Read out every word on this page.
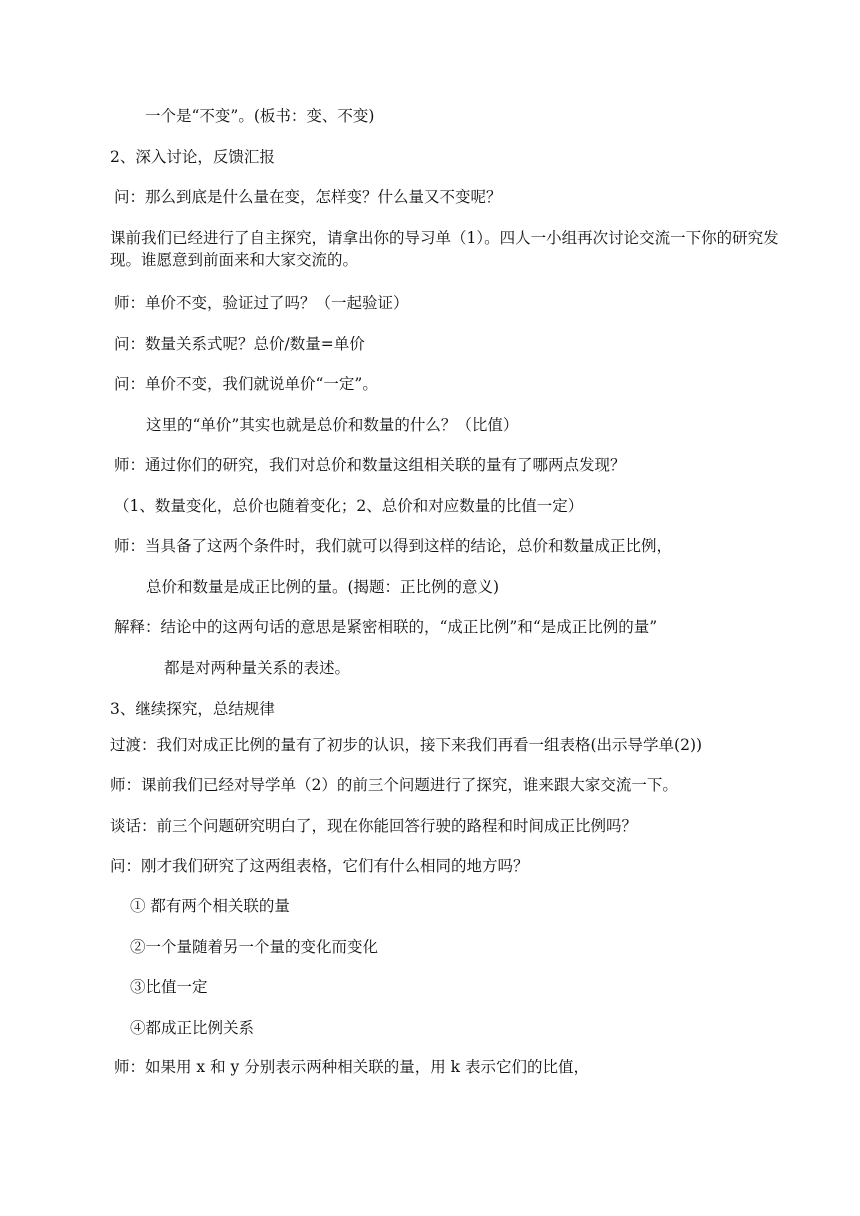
一个是“不变”。(板书：变、不变)
2、深入讨论，反馈汇报
问：那么到底是什么量在变，怎样变？什么量又不变呢？
课前我们已经进行了自主探究，请拿出你的导习单（1）。四人一小组再次讨论交流一下你的研究发现。谁愿意到前面来和大家交流的。
师：单价不变，验证过了吗？（一起验证）
问：数量关系式呢？总价/数量=单价
问：单价不变，我们就说单价“一定”。
这里的“单价”其实也就是总价和数量的什么？（比值）
师：通过你们的研究，我们对总价和数量这组相关联的量有了哪两点发现？
（1、数量变化，总价也随着变化；2、总价和对应数量的比值一定）
师：当具备了这两个条件时，我们就可以得到这样的结论，总价和数量成正比例，
总价和数量是成正比例的量。(揭题：正比例的意义)
解释：结论中的这两句话的意思是紧密相联的，“成正比例”和“是成正比例的量”
都是对两种量关系的表述。
3、继续探究，总结规律
过渡：我们对成正比例的量有了初步的认识，接下来我们再看一组表格(出示导学单(2))
师：课前我们已经对导学单（2）的前三个问题进行了探究，谁来跟大家交流一下。
谈话：前三个问题研究明白了，现在你能回答行驶的路程和时间成正比例吗？
问：刚才我们研究了这两组表格，它们有什么相同的地方吗？
① 都有两个相关联的量
②一个量随着另一个量的变化而变化
③比值一定
④都成正比例关系
师：如果用 x 和 y 分别表示两种相关联的量，用 k 表示它们的比值，
